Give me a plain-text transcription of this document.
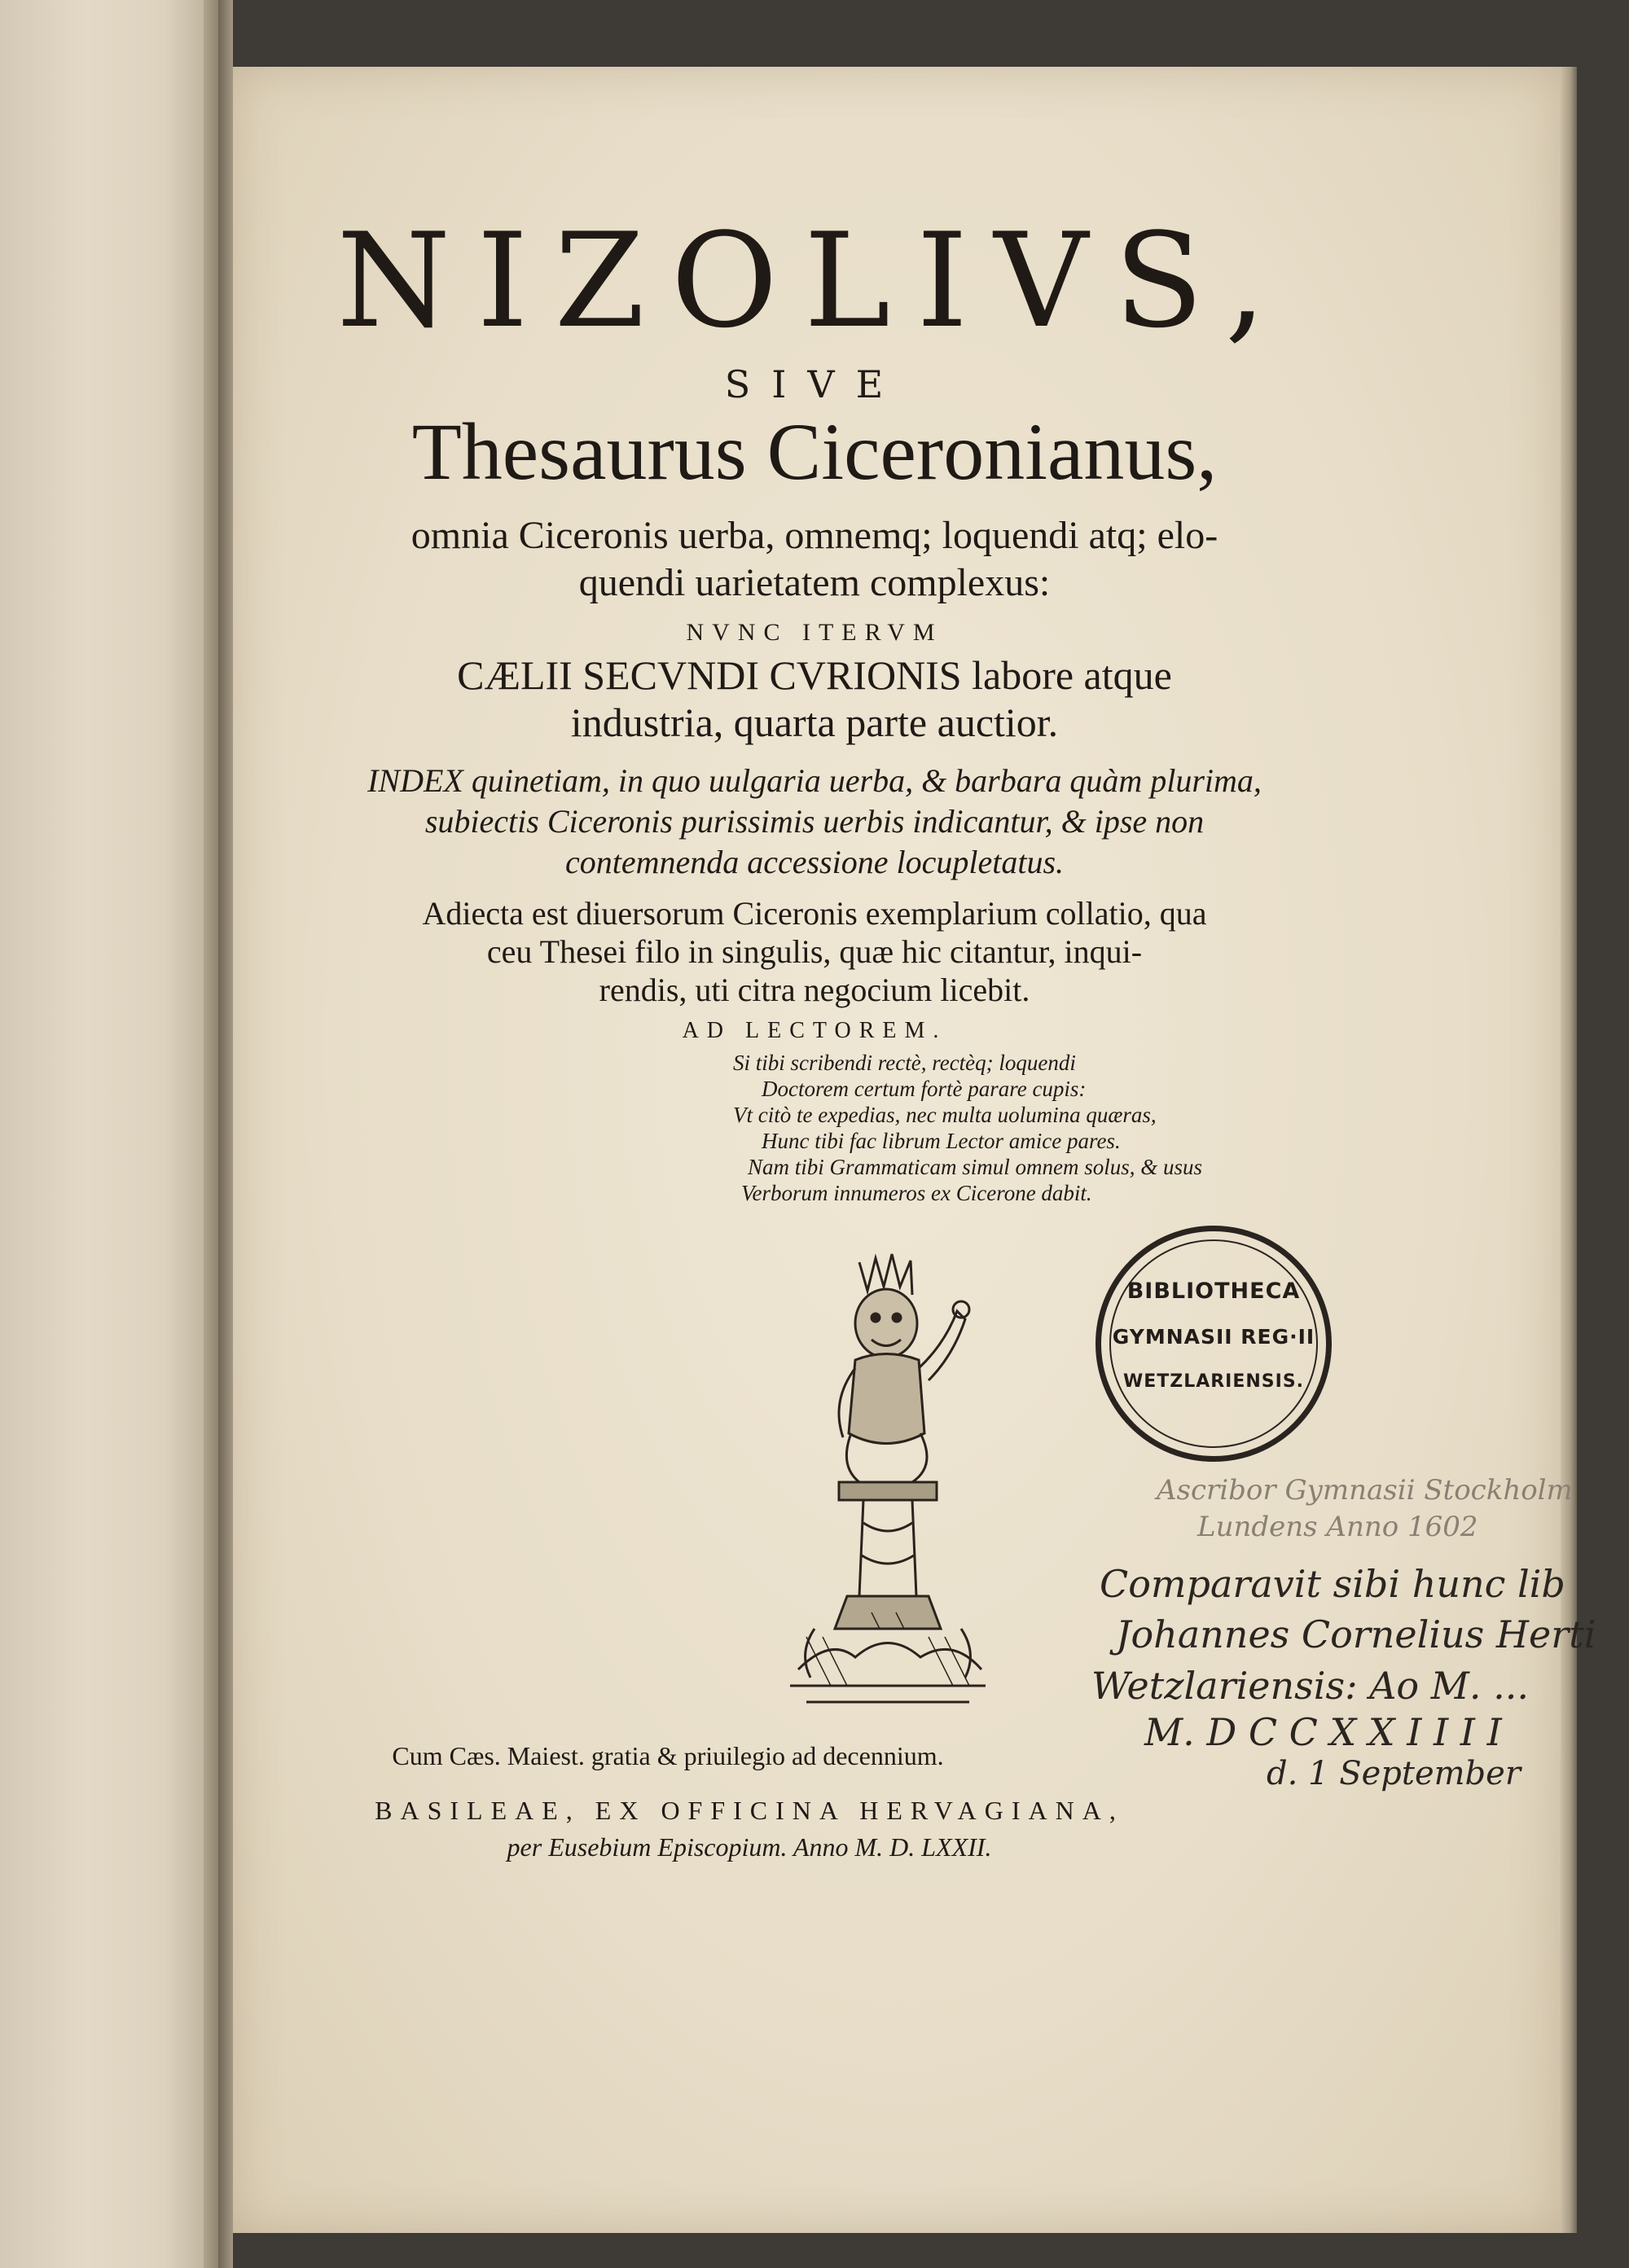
NIZOLIVS,
SIVE
Thesaurus Ciceronianus,
omnia Ciceronis uerba, omnemq; loquendi atq; elo-
quendi uarietatem complexus:
NVNC ITERVM
CÆLII SECVNDI CVRIONIS labore atque
industria, quarta parte auctior.
INDEX quinetiam, in quo uulgaria uerba, & barbara quàm plurima,
subiectis Ciceronis purissimis uerbis indicantur, & ipse non
contemnenda accessione locupletatus.
Adiecta est diuersorum Ciceronis exemplarium collatio, qua
ceu Thesei filo in singulis, quæ hic citantur, inqui-
rendis, uti citra negocium licebit.
AD LECTOREM.
Si tibi scribendi rectè, rectèq; loquendi
Doctorem certum fortè parare cupis:
Vt citò te expedias, nec multa uolumina quæras,
Hunc tibi fac librum Lector amice pares.
Nam tibi Grammaticam simul omnem solus, & usus
Verborum innumeros ex Cicerone dabit.
BIBLIOTHECA
GYMNASII REG·II
WETZLARIENSIS.
Ascribor Gymnasii Stockholm
Lundens Anno 1602
Comparavit sibi hunc lib
Johannes Cornelius Herti
Wetzlariensis: Ao M. ...
M. D C C X X I I I I
d. 1 September
Cum Cæs. Maiest. gratia & priuilegio ad decennium.
BASILEAE, EX OFFICINA HERVAGIANA,
per Eusebium Episcopium. Anno M. D. LXXII.
